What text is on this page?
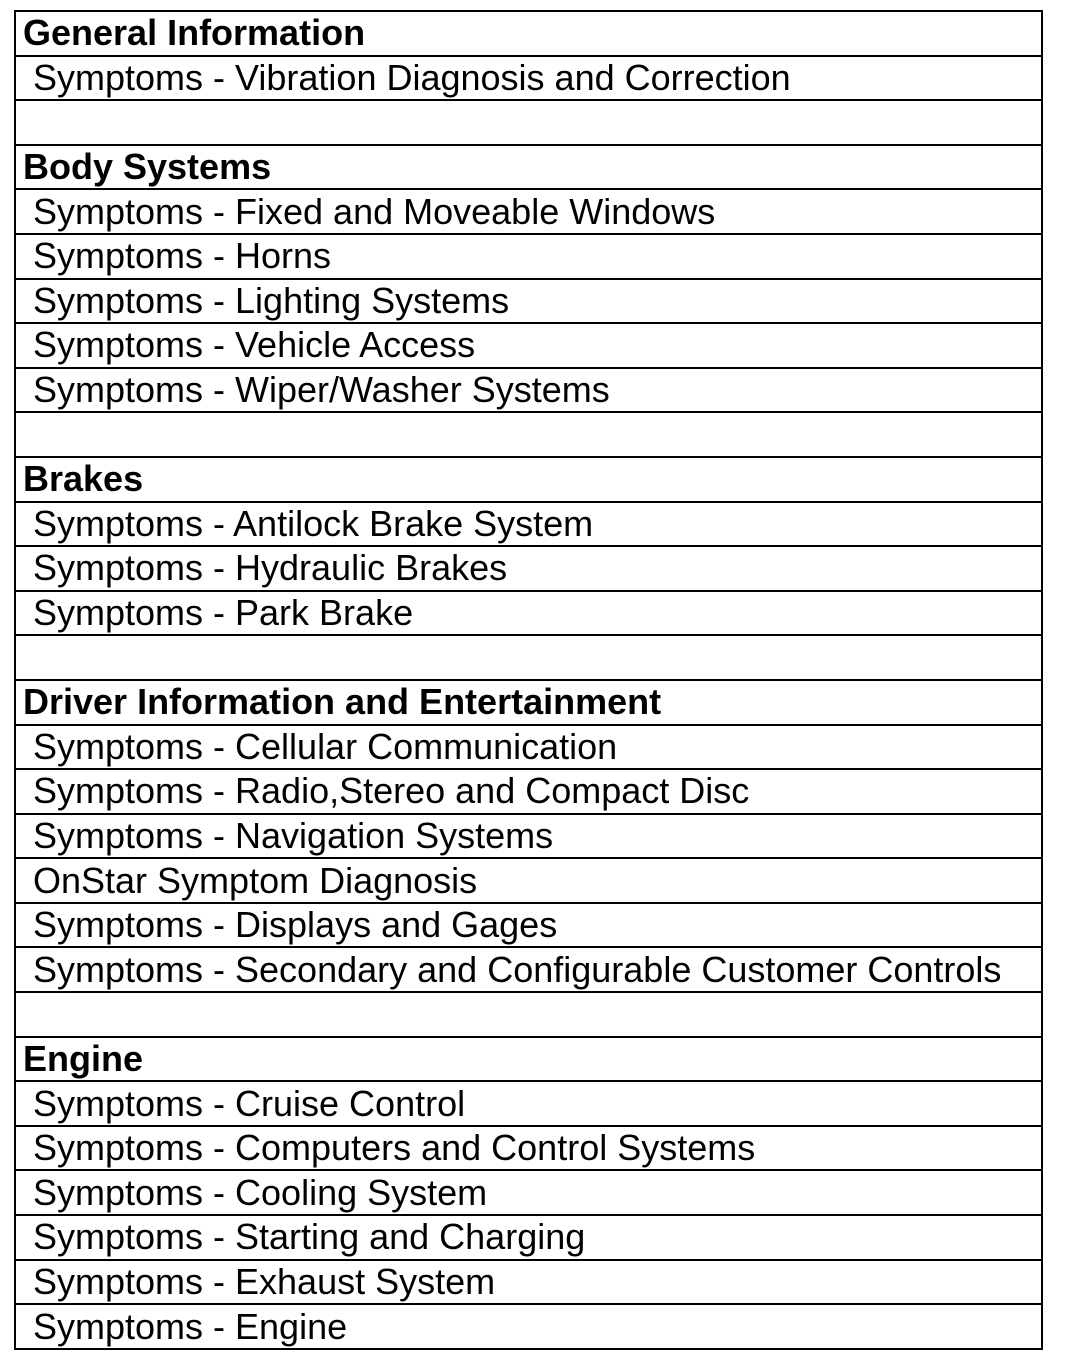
General Information
Symptoms - Vibration Diagnosis and Correction

Body Systems
Symptoms - Fixed and Moveable Windows
Symptoms - Horns
Symptoms - Lighting Systems
Symptoms - Vehicle Access
Symptoms - Wiper/Washer Systems

Brakes
Symptoms - Antilock Brake System
Symptoms - Hydraulic Brakes
Symptoms - Park Brake

Driver Information and Entertainment
Symptoms - Cellular Communication
Symptoms - Radio,Stereo and Compact Disc
Symptoms - Navigation Systems
OnStar Symptom Diagnosis
Symptoms - Displays and Gages
Symptoms - Secondary and Configurable Customer Controls

Engine
Symptoms - Cruise Control
Symptoms - Computers and Control Systems
Symptoms - Cooling System
Symptoms - Starting and Charging
Symptoms - Exhaust System
Symptoms - Engine
